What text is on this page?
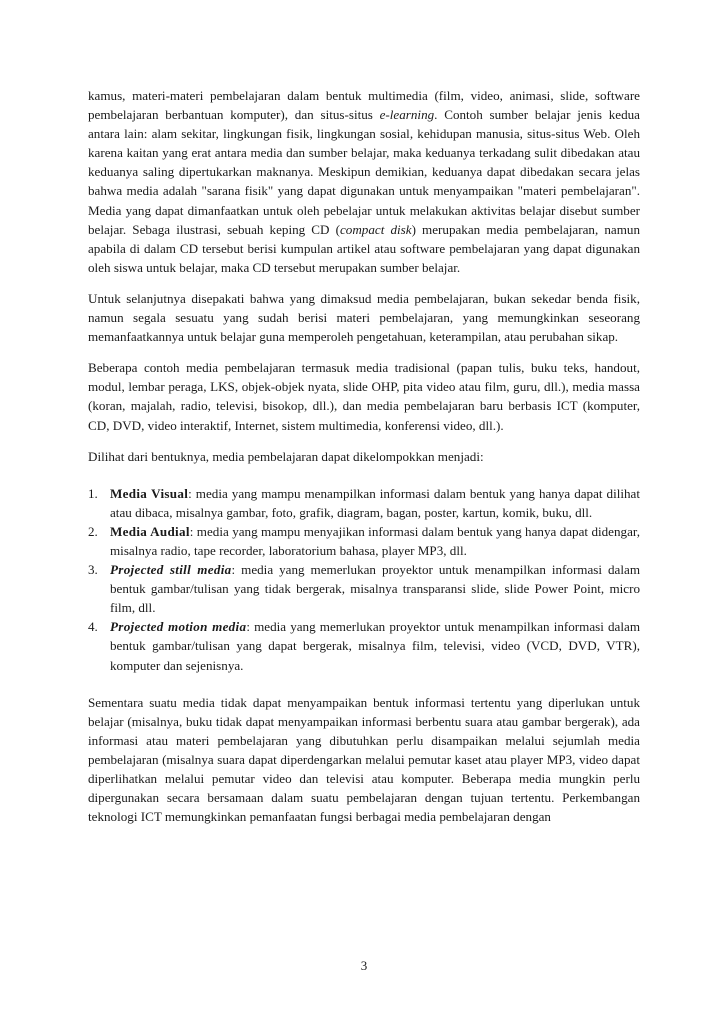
kamus, materi-materi pembelajaran dalam bentuk multimedia (film, video, animasi, slide, software pembelajaran berbantuan komputer), dan situs-situs e-learning. Contoh sumber belajar jenis kedua antara lain: alam sekitar, lingkungan fisik, lingkungan sosial, kehidupan manusia, situs-situs Web. Oleh karena kaitan yang erat antara media dan sumber belajar, maka keduanya terkadang sulit dibedakan atau keduanya saling dipertukarkan maknanya. Meskipun demikian, keduanya dapat dibedakan secara jelas bahwa media adalah "sarana fisik" yang dapat digunakan untuk menyampaikan "materi pembelajaran". Media yang dapat dimanfaatkan untuk oleh pebelajar untuk melakukan aktivitas belajar disebut sumber belajar. Sebaga ilustrasi, sebuah keping CD (compact disk) merupakan media pembelajaran, namun apabila di dalam CD tersebut berisi kumpulan artikel atau software pembelajaran yang dapat digunakan oleh siswa untuk belajar, maka CD tersebut merupakan sumber belajar.

Untuk selanjutnya disepakati bahwa yang dimaksud media pembelajaran, bukan sekedar benda fisik, namun segala sesuatu yang sudah berisi materi pembelajaran, yang memungkinkan seseorang memanfaatkannya untuk belajar guna memperoleh pengetahuan, keterampilan, atau perubahan sikap.

Beberapa contoh media pembelajaran termasuk media tradisional (papan tulis, buku teks, handout, modul, lembar peraga, LKS, objek-objek nyata, slide OHP, pita video atau film, guru, dll.), media massa (koran, majalah, radio, televisi, bisokop, dll.), dan media pembelajaran baru berbasis ICT (komputer, CD, DVD, video interaktif, Internet, sistem multimedia, konferensi video, dll.).

Dilihat dari bentuknya, media pembelajaran dapat dikelompokkan menjadi:

1. Media Visual: media yang mampu menampilkan informasi dalam bentuk yang hanya dapat dilihat atau dibaca, misalnya gambar, foto, grafik, diagram, bagan, poster, kartun, komik, buku, dll.
2. Media Audial: media yang mampu menyajikan informasi dalam bentuk yang hanya dapat didengar, misalnya radio, tape recorder, laboratorium bahasa, player MP3, dll.
3. Projected still media: media yang memerlukan proyektor untuk menampilkan informasi dalam bentuk gambar/tulisan yang tidak bergerak, misalnya transparansi slide, slide Power Point, micro film, dll.
4. Projected motion media: media yang memerlukan proyektor untuk menampilkan informasi dalam bentuk gambar/tulisan yang dapat bergerak, misalnya film, televisi, video (VCD, DVD, VTR), komputer dan sejenisnya.

Sementara suatu media tidak dapat menyampaikan bentuk informasi tertentu yang diperlukan untuk belajar (misalnya, buku tidak dapat menyampaikan informasi berbentu suara atau gambar bergerak), ada informasi atau materi pembelajaran yang dibutuhkan perlu disampaikan melalui sejumlah media pembelajaran (misalnya suara dapat diperdengarkan melalui pemutar kaset atau player MP3, video dapat diperlihatkan melalui pemutar video dan televisi atau komputer. Beberapa media mungkin perlu dipergunakan secara bersamaan dalam suatu pembelajaran dengan tujuan tertentu. Perkembangan teknologi ICT memungkinkan pemanfaatan fungsi berbagai media pembelajaran dengan

3
